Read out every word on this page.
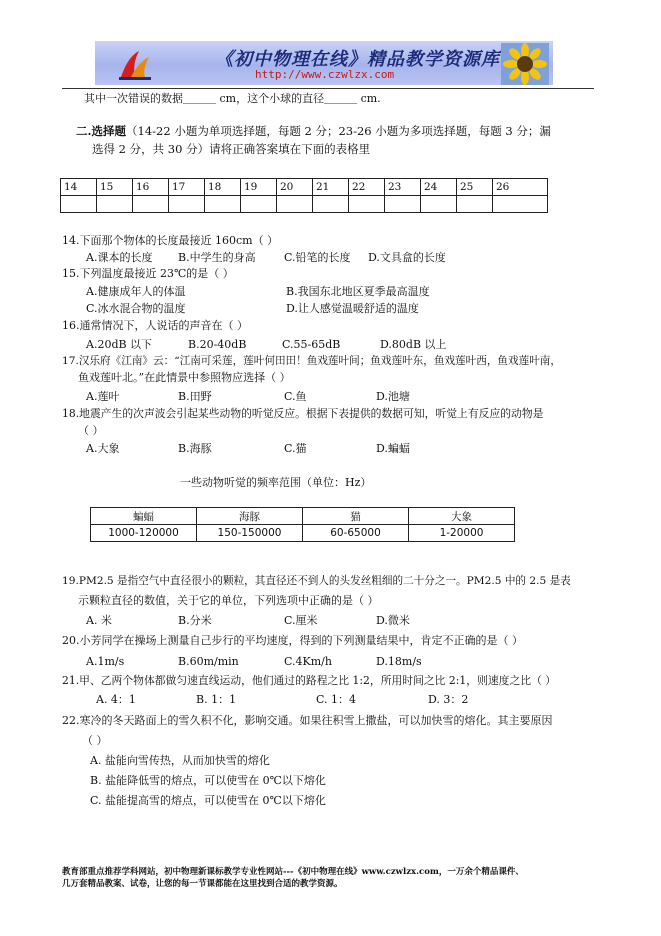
《初中物理在线》精品教学资源库
http://www.czwlzx.com
其中一次错误的数据＿＿＿ cm，这个小球的直径＿＿＿ cm.
二.选择题（14-22 小题为单项选择题，每题 2 分；23-26 小题为多项选择题，每题 3 分；漏
选得 2 分，共 30 分）请将正确答案填在下面的表格里
14	15	16	17	18	19	20	21	22	23	24	25	26

14.下面那个物体的长度最接近 160cm（ ）
A.课本的长度 B.中学生的身高	C.铅笔的长度 D.文具盒的长度
15.下列温度最接近 23℃的是（ ）
A.健康成年人的体温	B.我国东北地区夏季最高温度
C.冰水混合物的温度	D.让人感觉温暖舒适的温度
16.通常情况下，人说话的声音在（ ）
A.20dB 以下	B.20-40dB	C.55-65dB	D.80dB 以上
17.汉乐府《江南》云：“江南可采莲，莲叶何田田！鱼戏莲叶间；鱼戏莲叶东，鱼戏莲叶西，鱼戏莲叶南，
鱼戏莲叶北。”在此情景中参照物应选择（ ）
A.莲叶	B.田野	C.鱼	D.池塘
18.地震产生的次声波会引起某些动物的听觉反应。根据下表提供的数据可知，听觉上有反应的动物是
（ ）
A.大象	B.海豚	C.猫	D.蝙蝠
一些动物听觉的频率范围（单位：Hz）
蝙蝠	海豚	猫	大象
1000-120000	150-150000	60-65000	1-20000
19.PM2.5 是指空气中直径很小的颗粒，其直径还不到人的头发丝粗细的二十分之一。PM2.5 中的 2.5 是表
示颗粒直径的数值，关于它的单位，下列选项中正确的是（ ）
A. 米	B.分米	C.厘米	D.微米
20.小芳同学在操场上测量自己步行的平均速度，得到的下列测量结果中，肯定不正确的是（ ）
A.1m/s	B.60m/min	C.4Km/h	D.18m/s
21.甲、乙两个物体都做匀速直线运动，他们通过的路程之比 1:2，所用时间之比 2:1，则速度之比（ ）
A. 4：1	B. 1：1	C. 1：4	D. 3：2
22.寒冷的冬天路面上的雪久积不化，影响交通。如果往积雪上撒盐，可以加快雪的熔化。其主要原因
（ ）
A. 盐能向雪传热，从而加快雪的熔化
B. 盐能降低雪的熔点，可以使雪在 0℃以下熔化
C. 盐能提高雪的熔点，可以使雪在 0℃以下熔化
教育部重点推荐学科网站，初中物理新课标教学专业性网站---《初中物理在线》www.czwlzx.com，一万余个精品课件、
几万套精品教案、试卷，让您的每一节课都能在这里找到合适的教学资源。
